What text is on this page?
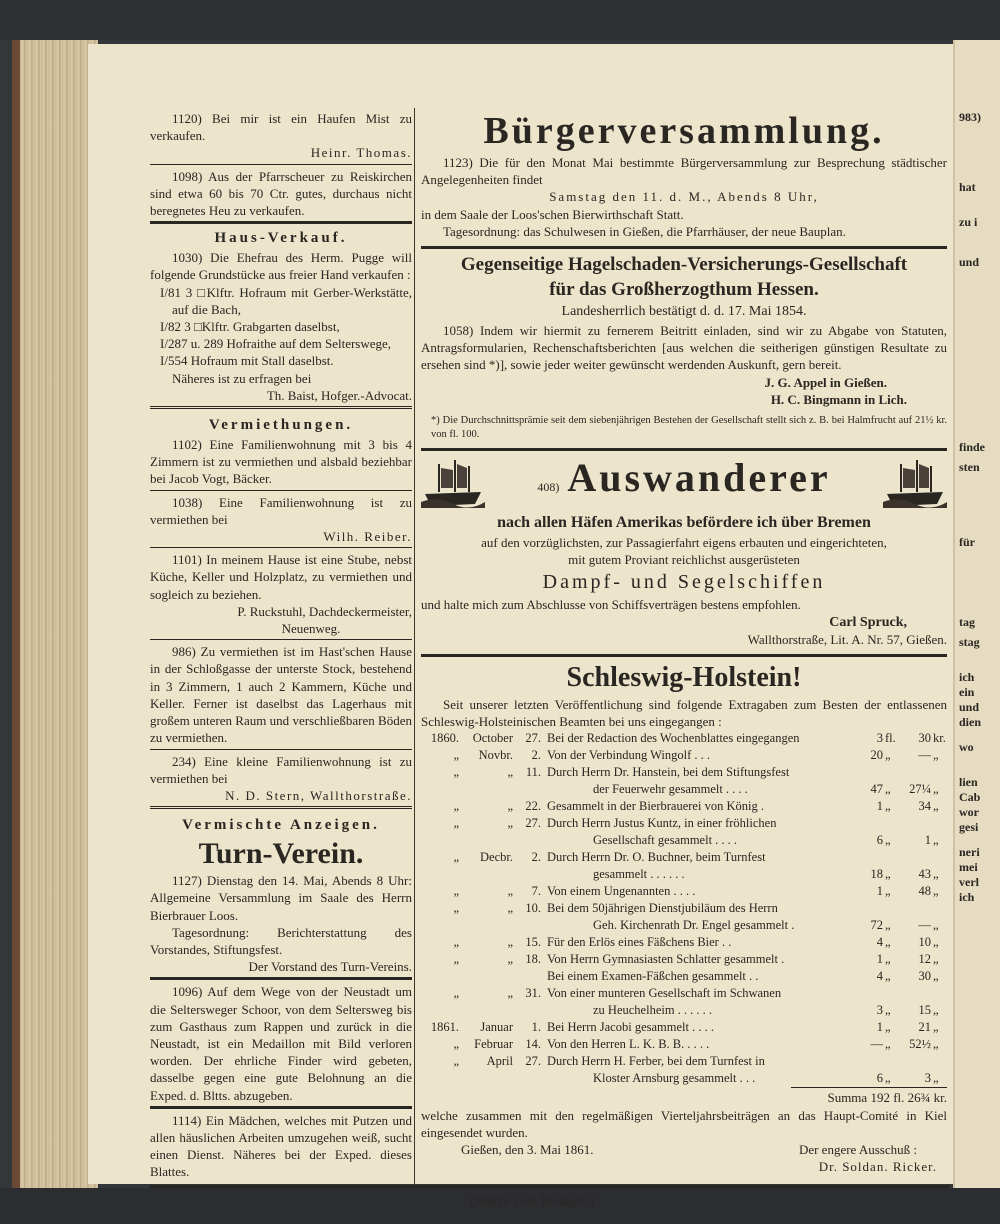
983)
hat
zu i
und
finde
sten
für
tag
stag
ich
ein
und
dien
wo
lien
Cab
wor
gesi
neri
mei
verl
ich

1120) Bei mir ist ein Haufen Mist zu verkaufen.

Heinr. Thomas.

1098) Aus der Pfarrscheuer zu Reiskirchen sind etwa 60 bis 70 Ctr. gutes, durchaus nicht beregnetes Heu zu verkaufen.

Haus-Verkauf.

1030) Die Ehefrau des Herm. Pugge will folgende Grundstücke aus freier Hand verkaufen :

I/81 3 □Klftr. Hofraum mit Gerber-Werkstätte, auf die Bach,

I/82 3 □Klftr. Grabgarten daselbst,

I/287 u. 289 Hofraithe auf dem Selterswege,

I/554 Hofraum mit Stall daselbst.

Näheres ist zu erfragen bei

Th. Baist, Hofger.-Advocat.

Vermiethungen.

1102) Eine Familienwohnung mit 3 bis 4 Zimmern ist zu vermiethen und alsbald beziehbar bei Jacob Vogt, Bäcker.

1038) Eine Familienwohnung ist zu vermiethen bei

Wilh. Reiber.

1101) In meinem Hause ist eine Stube, nebst Küche, Keller und Holzplatz, zu vermiethen und sogleich zu beziehen.

P. Ruckstuhl, Dachdeckermeister,

Neuenweg.

986) Zu vermiethen ist im Hast'schen Hause in der Schloßgasse der unterste Stock, bestehend in 3 Zimmern, 1 auch 2 Kammern, Küche und Keller. Ferner ist daselbst das Lagerhaus mit großem unteren Raum und verschließbaren Böden zu vermiethen.

234) Eine kleine Familienwohnung ist zu vermiethen bei

N. D. Stern, Wallthorstraße.

Vermischte Anzeigen.

Turn-Verein.

1127) Dienstag den 14. Mai, Abends 8 Uhr: Allgemeine Versammlung im Saale des Herrn Bierbrauer Loos.

Tagesordnung: Berichterstattung des Vorstandes, Stiftungsfest.

Der Vorstand des Turn-Vereins.

1096) Auf dem Wege von der Neustadt um die Seltersweger Schoor, von dem Seltersweg bis zum Gasthaus zum Rappen und zurück in die Neustadt, ist ein Medaillon mit Bild verloren worden. Der ehrliche Finder wird gebeten, dasselbe gegen eine gute Belohnung an die Exped. d. Bltts. abzugeben.

1114) Ein Mädchen, welches mit Putzen und allen häuslichen Arbeiten umzugehen weiß, sucht einen Dienst. Näheres bei der Exped. dieses Blattes.

Bürgerversammlung.

1123) Die für den Monat Mai bestimmte Bürgerversammlung zur Besprechung städtischer Angelegenheiten findet

Samstag den 11. d. M., Abends 8 Uhr,

in dem Saale der Loos'schen Bierwirthschaft Statt.

Tagesordnung: das Schulwesen in Gießen, die Pfarrhäuser, der neue Bauplan.

Gegenseitige Hagelschaden-Versicherungs-Gesellschaft

für das Großherzogthum Hessen.

Landesherrlich bestätigt d. d. 17. Mai 1854.

1058) Indem wir hiermit zu fernerem Beitritt einladen, sind wir zu Abgabe von Statuten, Antragsformularien, Rechenschaftsberichten [aus welchen die seitherigen günstigen Resultate zu ersehen sind *)], sowie jeder weiter gewünscht werdenden Auskunft, gern bereit.

J. G. Appel in Gießen.

H. C. Bingmann in Lich.

*) Die Durchschnittsprämie seit dem siebenjährigen Bestehen der Gesellschaft stellt sich z. B. bei Halmfrucht auf 21½ kr. von fl. 100.

408) Auswanderer

nach allen Häfen Amerikas befördere ich über Bremen

auf den vorzüglichsten, zur Passagierfahrt eigens erbauten und eingerichteten,

mit gutem Proviant reichlichst ausgerüsteten

Dampf- und Segelschiffen

und halte mich zum Abschlusse von Schiffsverträgen bestens empfohlen.

Carl Spruck,

Wallthorstraße, Lit. A. Nr. 57, Gießen.

Schleswig-Holstein!

Seit unserer letzten Veröffentlichung sind folgende Extragaben zum Besten der entlassenen Schleswig-Holsteinischen Beamten bei uns eingegangen :

1860.	October 27. Bei der Redaction des Wochenblattes eingegangen	3 fl.	30 kr.
„	Novbr.	2. Von der Verbindung Wingolf . . .	20 „	— „
„	„	11. Durch Herrn Dr. Hanstein, bei dem Stiftungsfest
der Feuerwehr gesammelt . . . .	47 „	27¼ „
„	„ 22. Gesammelt in der Bierbrauerei von König .	1 „	34 „
„	„ 27. Durch Herrn Justus Kuntz, in einer fröhlichen
Gesellschaft gesammelt . . . .	6 „	1 „
„	Decbr.	2. Durch Herrn Dr. O. Buchner, beim Turnfest
gesammelt . . . . . .	18 „	43 „
„	„	7. Von einem Ungenannten . . . .	1 „	48 „
„	„ 10. Bei dem 50jährigen Dienstjubiläum des Herrn
Geh. Kirchenrath Dr. Engel gesammelt .	72 „	— „
„	„ 15. Für den Erlös eines Fäßchens Bier . .	4 „	10 „
„	„ 18. Von Herrn Gymnasiasten Schlatter gesammelt .	1 „	12 „
Bei einem Examen-Fäßchen gesammelt . .	4 „	30 „
„	„ 31. Von einer munteren Gesellschaft im Schwanen
zu Heuchelheim . . . . . .	3 „	15 „
1861.	Januar	1. Bei Herrn Jacobi gesammelt . . . .	1 „	21 „
„	Februar 14. Von den Herren L. K. B. B. . . . .	— „	52½ „
„	April 27. Durch Herrn H. Ferber, bei dem Turnfest in
Kloster Arnsburg gesammelt . . .	6 „	3 „

Summa 192 fl. 26¾ kr.

welche zusammen mit den regelmäßigen Vierteljahrsbeiträgen an das Haupt-Comité in Kiel eingesendet wurden.

Gießen, den 3. Mai 1861.	Der engere Ausschuß :

Dr. Soldan. Ricker.

(Hierzu zwei Beilagen.)
